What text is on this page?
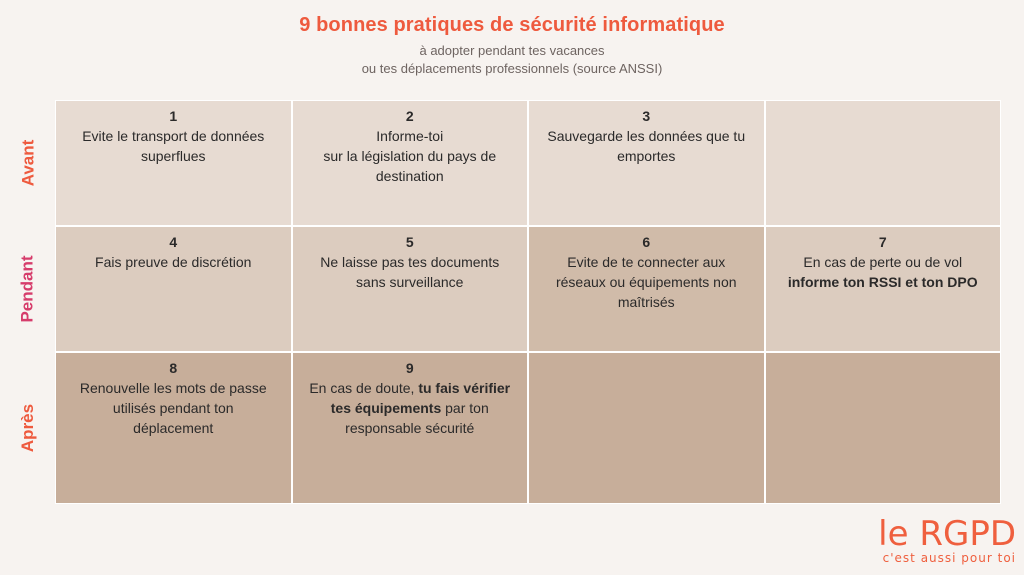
9 bonnes pratiques de sécurité informatique
à adopter pendant tes vacances
ou tes déplacements professionnels (source ANSSI)
Avant
Pendant
Après
1
Evite le transport de données
superflues
2
Informe-toi
sur la législation du pays de
destination
3
Sauvegarde les données que tu
emportes
4
Fais preuve de discrétion
5
Ne laisse pas tes documents
sans surveillance
6
Evite de te connecter aux
réseaux ou équipements non
maîtrisés
7
En cas de perte ou de vol
informe ton RSSI et ton DPO
8
Renouvelle les mots de passe
utilisés pendant ton
déplacement
9
En cas de doute, tu fais vérifier
tes équipements par ton
responsable sécurité
le RGPD
c'est aussi pour toi
